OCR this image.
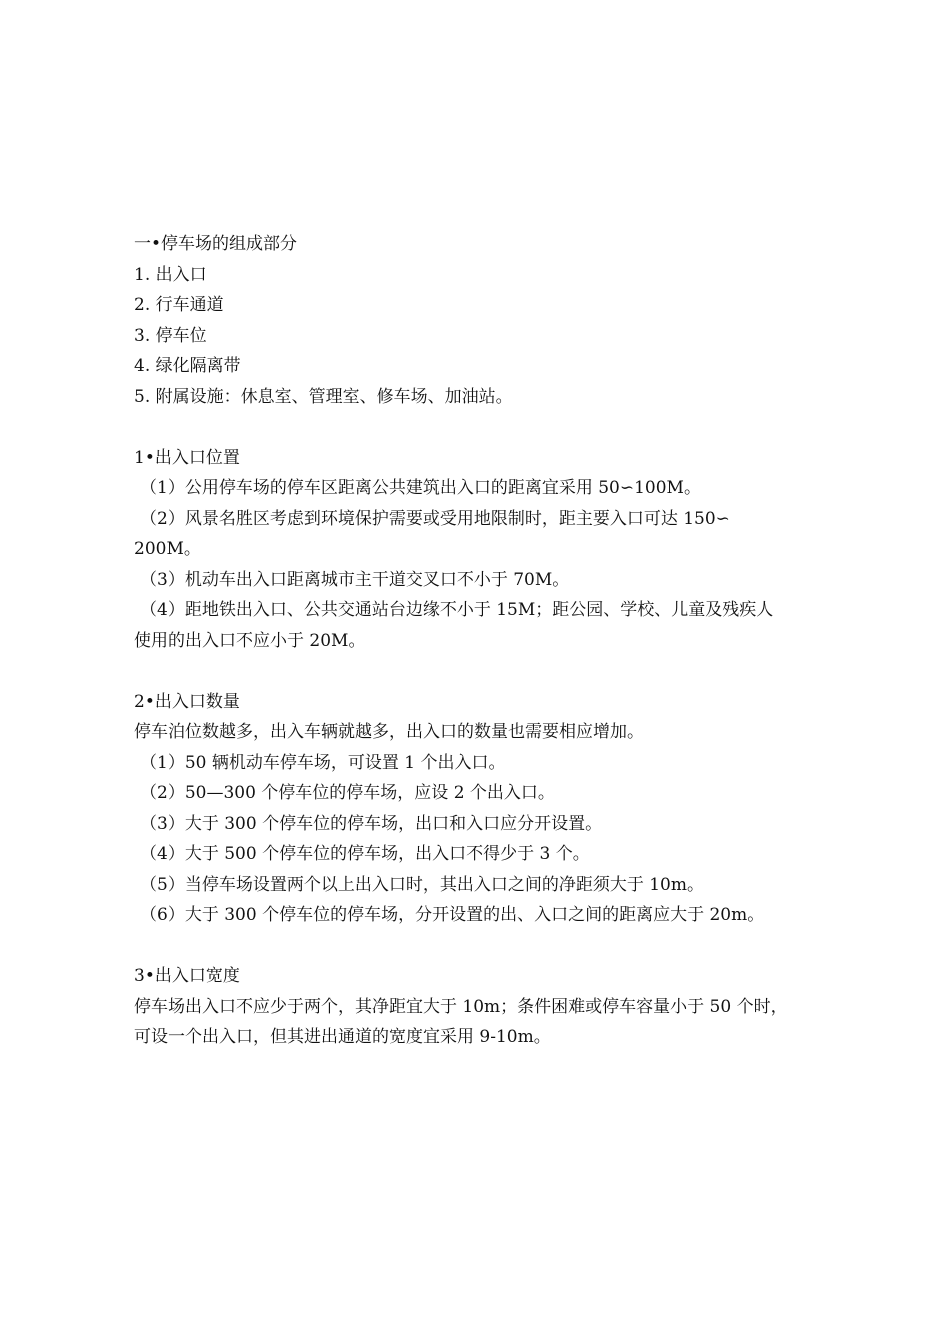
一•停车场的组成部分

1. 出入口

2. 行车通道

3. 停车位

4. 绿化隔离带

5. 附属设施：休息室、管理室、修车场、加油站。

1•出入口位置

（1）公用停车场的停车区距离公共建筑出入口的距离宜采用 50∽100M。

（2）风景名胜区考虑到环境保护需要或受用地限制时，距主要入口可达 150∽

200M。

（3）机动车出入口距离城市主干道交叉口不小于 70M。

（4）距地铁出入口、公共交通站台边缘不小于 15M；距公园、学校、儿童及残疾人

使用的出入口不应小于 20M。

2•出入口数量

停车泊位数越多，出入车辆就越多，出入口的数量也需要相应增加。

（1）50 辆机动车停车场，可设置 1 个出入口。

（2）50—300 个停车位的停车场，应设 2 个出入口。

（3）大于 300 个停车位的停车场，出口和入口应分开设置。

（4）大于 500 个停车位的停车场，出入口不得少于 3 个。

（5）当停车场设置两个以上出入口时，其出入口之间的净距须大于 10m。

（6）大于 300 个停车位的停车场，分开设置的出、入口之间的距离应大于 20m。

3•出入口宽度

停车场出入口不应少于两个，其净距宜大于 10m；条件困难或停车容量小于 50 个时，

可设一个出入口，但其进出通道的宽度宜采用 9-10m。
